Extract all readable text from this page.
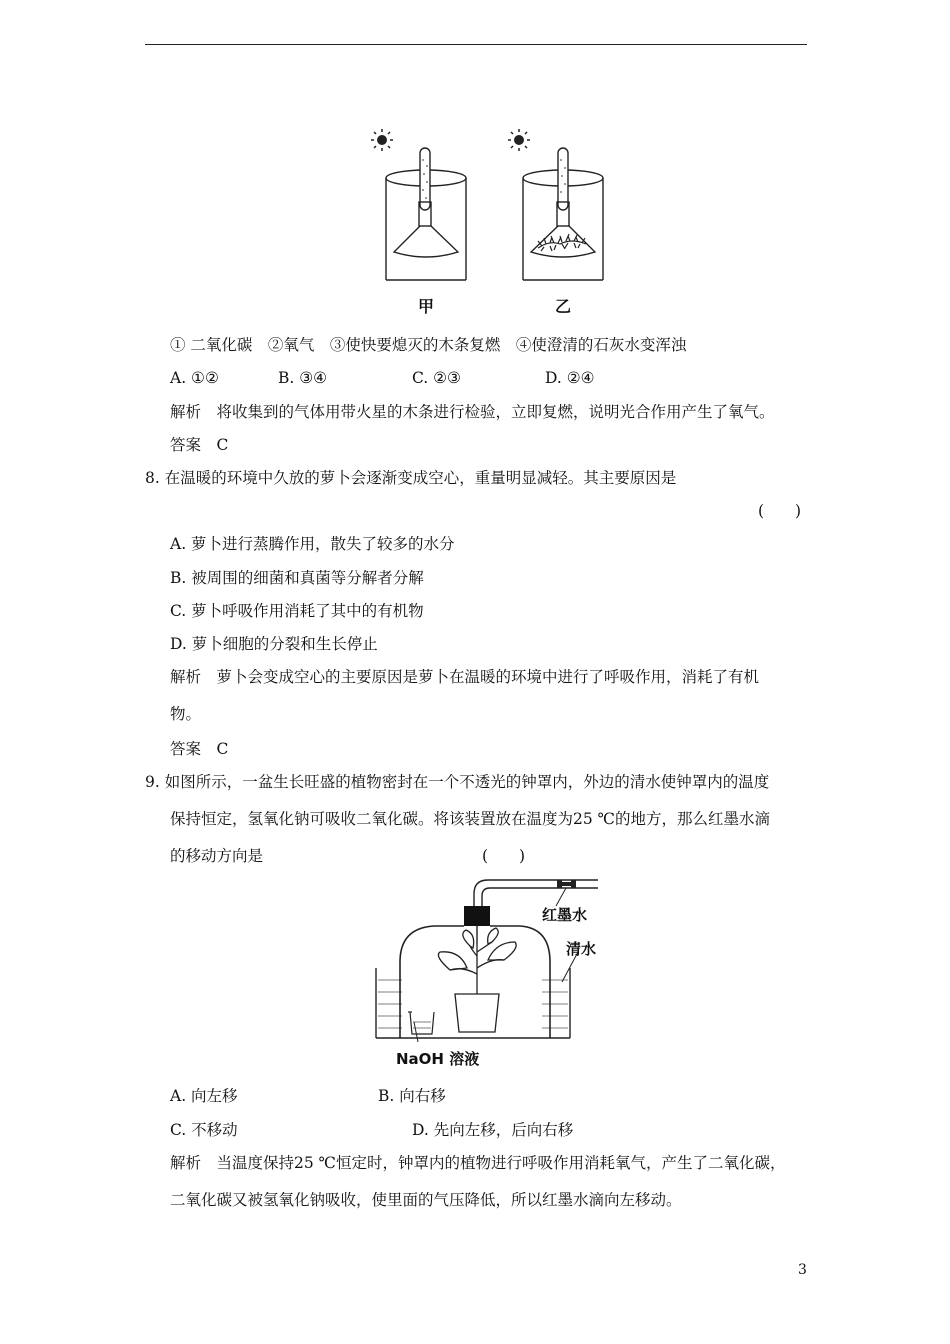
甲	乙
① 二氧化碳　②氧气　③使快要熄灭的木条复燃　④使澄清的石灰水变浑浊
A. ①②	B. ③④	C. ②③	D. ②④
解析　将收集到的气体用带火星的木条进行检验，立即复燃，说明光合作用产生了氧气。
答案　C
8. 在温暖的环境中久放的萝卜会逐渐变成空心，重量明显减轻。其主要原因是
(　　)
A. 萝卜进行蒸腾作用，散失了较多的水分
B. 被周围的细菌和真菌等分解者分解
C. 萝卜呼吸作用消耗了其中的有机物
D. 萝卜细胞的分裂和生长停止
解析　萝卜会变成空心的主要原因是萝卜在温暖的环境中进行了呼吸作用，消耗了有机
物。
答案　C
9. 如图所示，一盆生长旺盛的植物密封在一个不透光的钟罩内，外边的清水使钟罩内的温度
保持恒定，氢氧化钠可吸收二氧化碳。将该装置放在温度为25 ℃的地方，那么红墨水滴
的移动方向是	(　　)
红墨水
清水
NaOH 溶液
A. 向左移	B. 向右移
C. 不移动	D. 先向左移，后向右移
解析　当温度保持25 ℃恒定时，钟罩内的植物进行呼吸作用消耗氧气，产生了二氧化碳，
二氧化碳又被氢氧化钠吸收，使里面的气压降低，所以红墨水滴向左移动。
3
